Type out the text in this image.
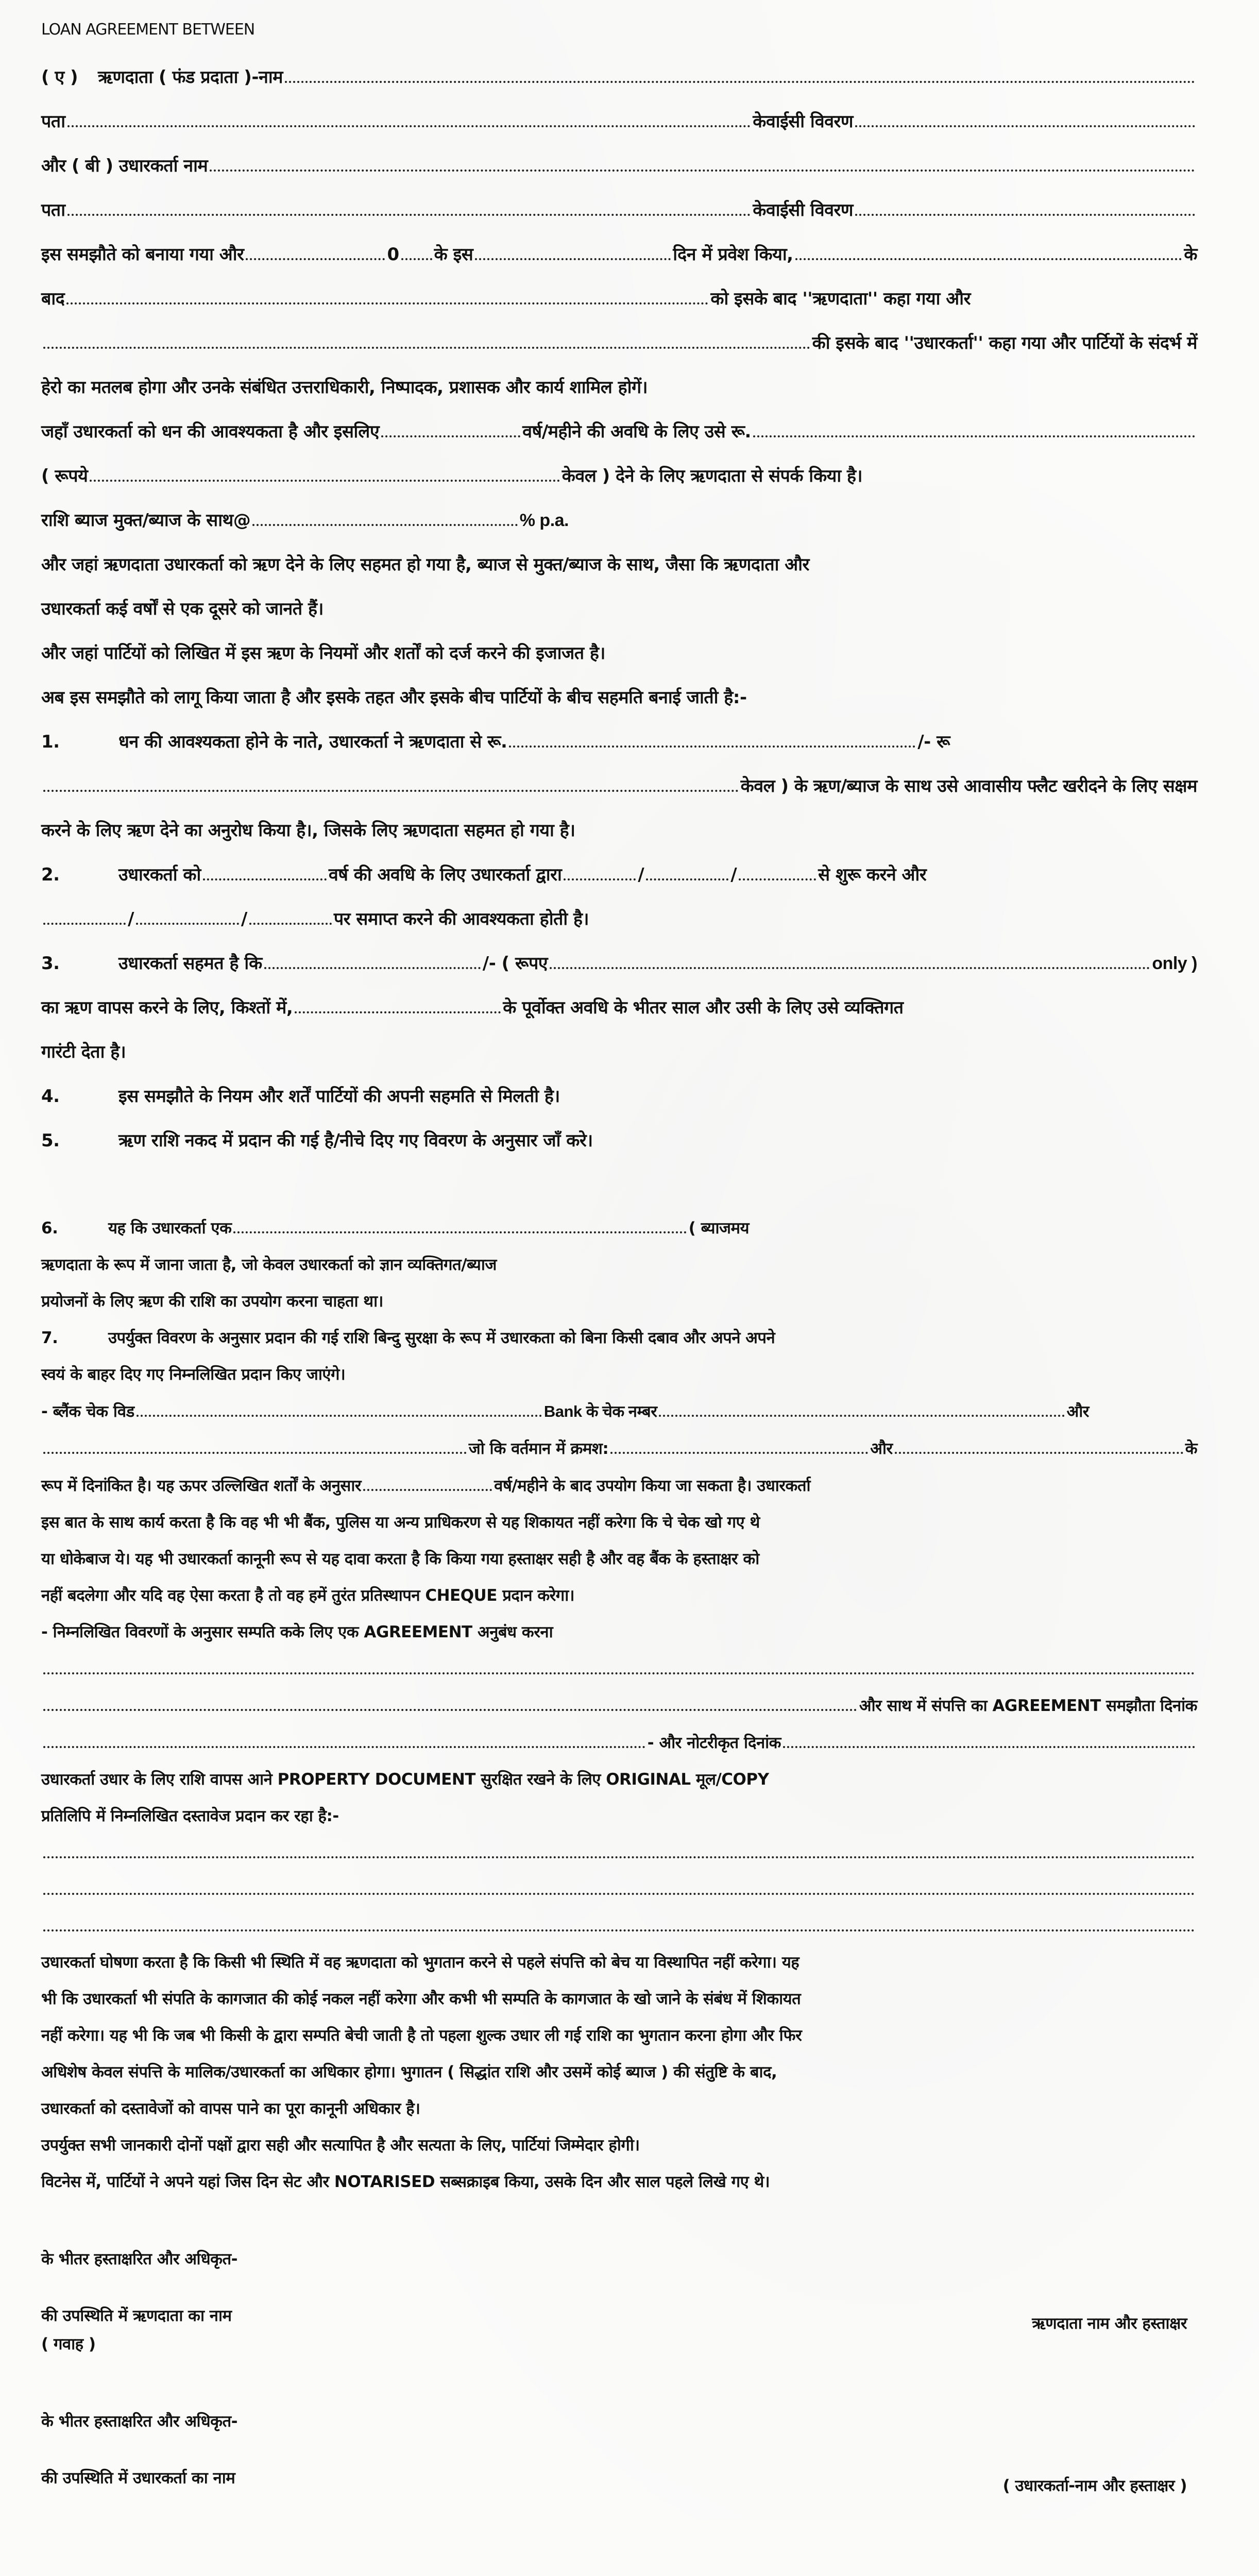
LOAN AGREEMENT BETWEEN
( ए )	ऋणदाता ( फंड प्रदाता )-नाम
पता	केवाईसी विवरण
और ( बी ) उधारकर्ता नाम
पता	केवाईसी विवरण
इस समझौते को बनाया गया और	0 के इस	दिन में प्रवेश किया,	के
बाद	को इसके बाद ''ऋणदाता'' कहा गया और
की इसके बाद ''उधारकर्ता'' कहा गया और पार्टियों के संदर्भ में
हेरो का मतलब होगा और उनके संबंधित उत्तराधिकारी, निष्पादक, प्रशासक और कार्य शामिल होगें।
जहाँ उधारकर्ता को धन की आवश्यकता है और इसलिए	वर्ष/महीने की अवधि के लिए उसे रू.
( रूपये	केवल ) देने के लिए ऋणदाता से संपर्क किया है।
राशि ब्याज मुक्त/ब्याज के साथ@	% p.a.
और जहां ऋणदाता उधारकर्ता को ऋण देने के लिए सहमत हो गया है, ब्याज से मुक्त/ब्याज के साथ, जैसा कि ऋणदाता और
उधारकर्ता कई वर्षों से एक दूसरे को जानते हैं।
और जहां पार्टियों को लिखित में इस ऋण के नियमों और शर्तों को दर्ज करने की इजाजत है।
अब इस समझौते को लागू किया जाता है और इसके तहत और इसके बीच पार्टियों के बीच सहमति बनाई जाती है:-
1.	धन की आवश्यकता होने के नाते, उधारकर्ता ने ऋणदाता से रू.	/- रू
केवल ) के ऋण/ब्याज के साथ उसे आवासीय फ्लैट खरीदने के लिए सक्षम
करने के लिए ऋण देने का अनुरोध किया है।, जिसके लिए ऋणदाता सहमत हो गया है।
2.	उधारकर्ता को	वर्ष की अवधि के लिए उधारकर्ता द्वारा	/	/	से शुरू करने और
/	/	पर समाप्त करने की आवश्यकता होती है।
3.	उधारकर्ता सहमत है कि	/- ( रूपए	only )
का ऋण वापस करने के लिए, किश्तों में,	के पूर्वोक्त अवधि के भीतर साल और उसी के लिए उसे व्यक्तिगत
गारंटी देता है।
4.	इस समझौते के नियम और शर्तें पार्टियों की अपनी सहमति से मिलती है।
5.	ऋण राशि नकद में प्रदान की गई है/नीचे दिए गए विवरण के अनुसार जाँ करे।
6.	यह कि उधारकर्ता एक	( ब्याजमय
ऋणदाता के रूप में जाना जाता है, जो केवल उधारकर्ता को ज्ञान व्यक्तिगत/ब्याज
प्रयोजनों के लिए ऋण की राशि का उपयोग करना चाहता था।
7.	उपर्युक्त विवरण के अनुसार प्रदान की गई राशि बिन्दु सुरक्षा के रूप में उधारकता को बिना किसी दबाव और अपने अपने
स्वयं के बाहर दिए गए निम्नलिखित प्रदान किए जाएंगे।
- ब्लैंक चेक विड	Bank के चेक नम्बर	और
जो कि वर्तमान में क्रमश:	और	के
रूप में दिनांकित है। यह ऊपर उल्लिखित शर्तों के अनुसार	वर्ष/महीने के बाद उपयोग किया जा सकता है। उधारकर्ता
इस बात के साथ कार्य करता है कि वह भी भी बैंक, पुलिस या अन्य प्राधिकरण से यह शिकायत नहीं करेगा कि चे चेक खो गए थे
या धोकेबाज ये। यह भी उधारकर्ता कानूनी रूप से यह दावा करता है कि किया गया हस्ताक्षर सही है और वह बैंक के हस्ताक्षर को
नहीं बदलेगा और यदि वह ऐसा करता है तो वह हमें तुरंत प्रतिस्थापन CHEQUE प्रदान करेगा।
- निम्नलिखित विवरणों के अनुसार सम्पति कके लिए एक AGREEMENT अनुबंध करना
और साथ में संपत्ति का AGREEMENT समझौता दिनांक
- और नोटरीकृत दिनांक
उधारकर्ता उधार के लिए राशि वापस आने PROPERTY DOCUMENT सुरक्षित रखने के लिए ORIGINAL मूल/COPY
प्रतिलिपि में निम्नलिखित दस्तावेज प्रदान कर रहा है:-
उधारकर्ता घोषणा करता है कि किसी भी स्थिति में वह ऋणदाता को भुगतान करने से पहले संपत्ति को बेच या विस्थापित नहीं करेगा। यह
भी कि उधारकर्ता भी संपति के कागजात की कोई नकल नहीं करेगा और कभी भी सम्पति के कागजात के खो जाने के संबंध में शिकायत
नहीं करेगा। यह भी कि जब भी किसी के द्वारा सम्पति बेची जाती है तो पहला शुल्क उधार ली गई राशि का भुगतान करना होगा और फिर
अधिशेष केवल संपत्ति के मालिक/उधारकर्ता का अधिकार होगा। भुगातन ( सिद्धांत राशि और उसमें कोई ब्याज ) की संतुष्टि के बाद,
उधारकर्ता को दस्तावेजों को वापस पाने का पूरा कानूनी अधिकार है।
उपर्युक्त सभी जानकारी दोनों पक्षों द्वारा सही और सत्यापित है और सत्यता के लिए, पार्टियां जिम्मेदार होगी।
विटनेस में, पार्टियों ने अपने यहां जिस दिन सेट और NOTARISED सब्सक्राइब किया, उसके दिन और साल पहले लिखे गए थे।
के भीतर हस्ताक्षरित और अधिकृत-
की उपस्थिति में ऋणदाता का नाम	ऋणदाता नाम और हस्ताक्षर
( गवाह )
के भीतर हस्ताक्षरित और अधिकृत-
की उपस्थिति में उधारकर्ता का नाम	( उधारकर्ता-नाम और हस्ताक्षर )
